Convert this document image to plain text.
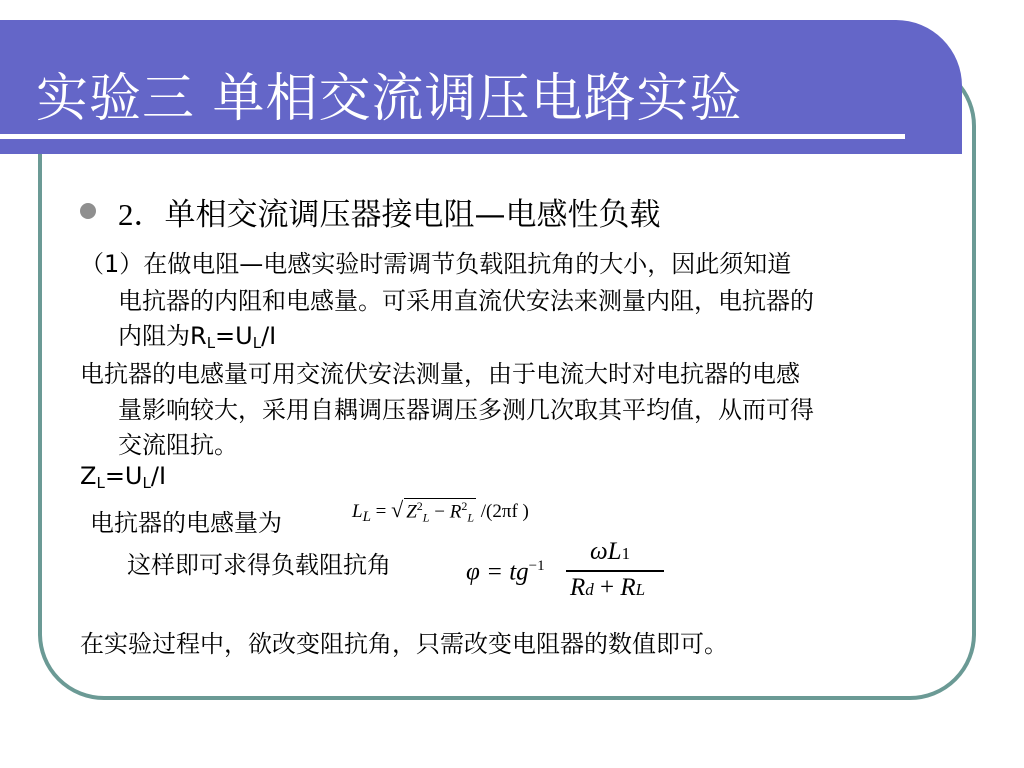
实验三 单相交流调压电路实验
2．单相交流调压器接电阻—电感性负载
（1）在做电阻—电感实验时需调节负载阻抗角的大小，因此须知道
电抗器的内阻和电感量。可采用直流伏安法来测量内阻，电抗器的
内阻为$R_L=U_L/I$
电抗器的电感量可用交流伏安法测量，由于电流大时对电抗器的电感
量影响较大，采用自耦调压器调压多测几次取其平均值，从而可得
交流阻抗。
$Z_L=U_L/I$
电抗器的电感量为	$L_L$ = √ $Z^2_L - R^2_L$ /(2πf )
这样即可求得负载阻抗角	$\varphi = tg^{-1}$
ωL1
Rd + RL
在实验过程中，欲改变阻抗角，只需改变电阻器的数值即可。
